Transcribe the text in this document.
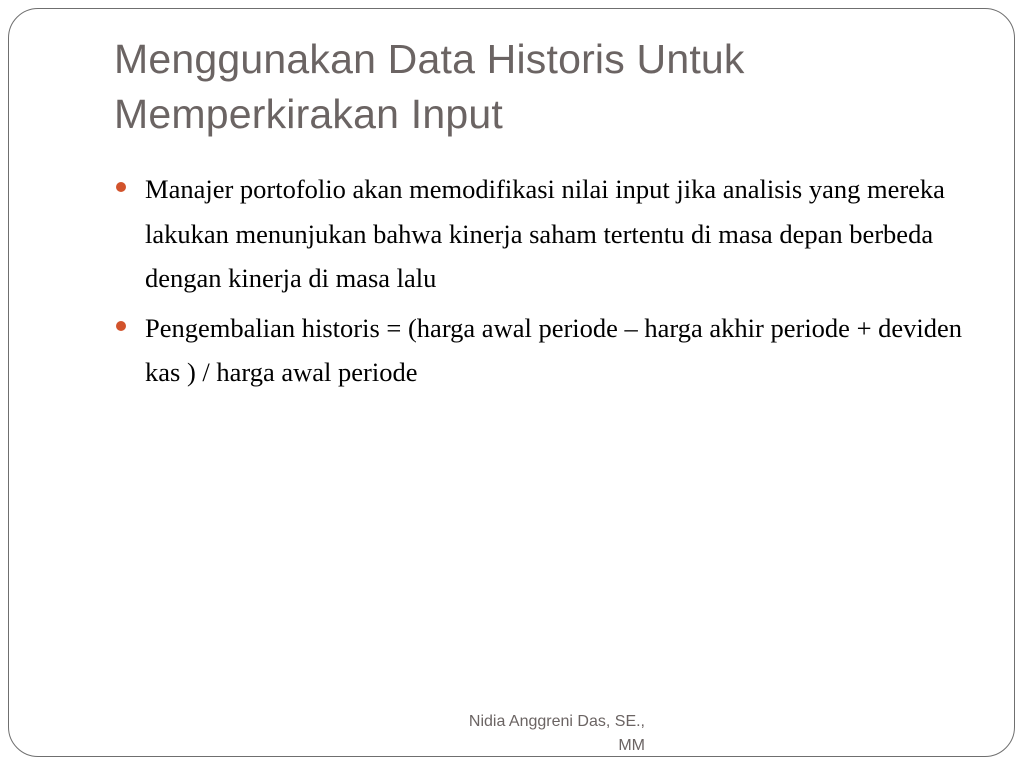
Menggunakan Data Historis Untuk Memperkirakan Input
Manajer portofolio akan memodifikasi nilai input jika analisis yang mereka lakukan menunjukan bahwa kinerja saham tertentu di masa depan berbeda dengan kinerja di masa lalu
Pengembalian historis = (harga awal periode – harga akhir periode + deviden kas ) / harga awal periode
Nidia Anggreni Das, SE.,
MM
